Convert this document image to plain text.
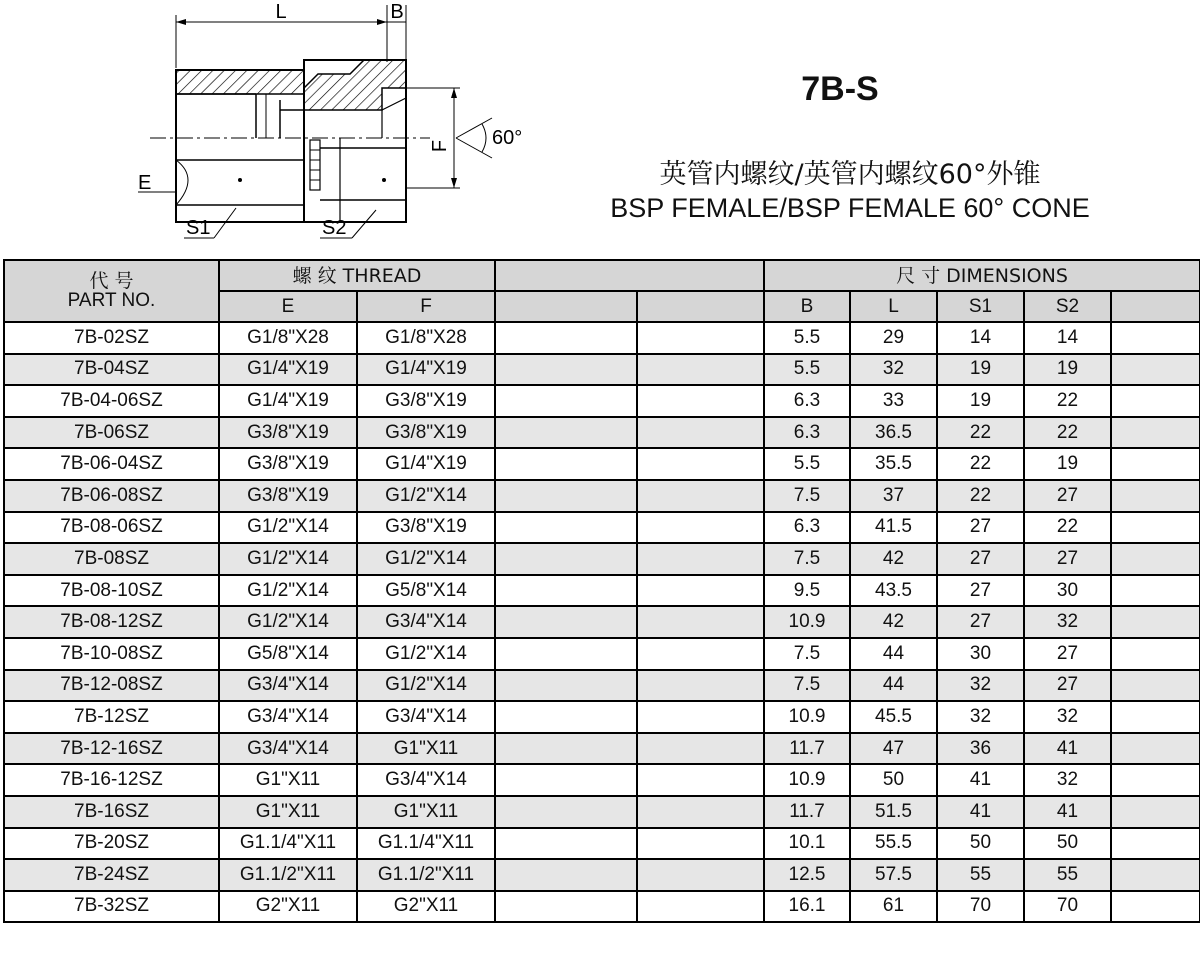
L	B
F 60°
E
S1	S2
7B-S
英管内螺纹/英管内螺纹60°外锥
BSP FEMALE/BSP FEMALE 60° CONE
代 号
PART NO.	螺 纹 THREAD				尺 寸 DIMENSIONS				
	E	F			B	L	S1	S2	
7B-02SZ	G1/8"X28	G1/8"X28			5.5	29	14	14	
7B-04SZ	G1/4"X19	G1/4"X19			5.5	32	19	19	
7B-04-06SZ	G1/4"X19	G3/8"X19			6.3	33	19	22	
7B-06SZ	G3/8"X19	G3/8"X19			6.3	36.5	22	22	
7B-06-04SZ	G3/8"X19	G1/4"X19			5.5	35.5	22	19	
7B-06-08SZ	G3/8"X19	G1/2"X14			7.5	37	22	27	
7B-08-06SZ	G1/2"X14	G3/8"X19			6.3	41.5	27	22	
7B-08SZ	G1/2"X14	G1/2"X14			7.5	42	27	27	
7B-08-10SZ	G1/2"X14	G5/8"X14			9.5	43.5	27	30	
7B-08-12SZ	G1/2"X14	G3/4"X14			10.9	42	27	32	
7B-10-08SZ	G5/8"X14	G1/2"X14			7.5	44	30	27	
7B-12-08SZ	G3/4"X14	G1/2"X14			7.5	44	32	27	
7B-12SZ	G3/4"X14	G3/4"X14			10.9	45.5	32	32	
7B-12-16SZ	G3/4"X14	G1"X11			11.7	47	36	41	
7B-16-12SZ	G1"X11	G3/4"X14			10.9	50	41	32	
7B-16SZ	G1"X11	G1"X11			11.7	51.5	41	41	
7B-20SZ	G1.1/4"X11	G1.1/4"X11			10.1	55.5	50	50	
7B-24SZ	G1.1/2"X11	G1.1/2"X11			12.5	57.5	55	55	
7B-32SZ	G2"X11	G2"X11			16.1	61	70	70	
